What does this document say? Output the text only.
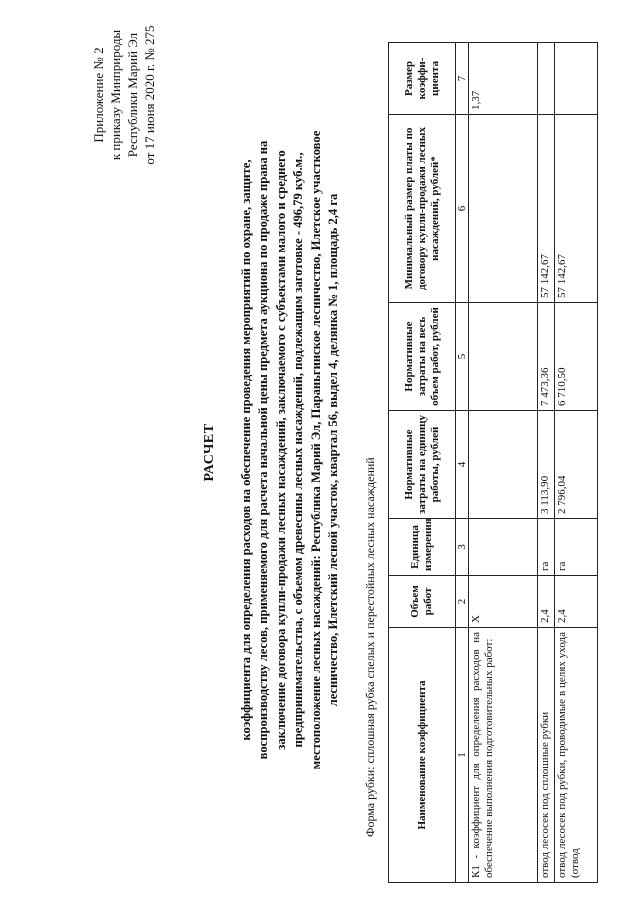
Приложение № 2 к приказу Минприроды Республики Марий Эл от 17 июня 2020 г. № 275
РАСЧЕТ коэффициента для определения расходов на обеспечение проведения мероприятий по охране, защите, воспроизводству лесов, применяемого для расчета начальной цены предмета аукциона по продаже права на заключение договора купли-продажи лесных насаждений, заключаемого с субъектами малого и среднего предпринимательства, с объемом древесины лесных насаждений, подлежащим заготовке - 496,79 куб.м., местоположение лесных насаждений: Республика Марий Эл, Параньгинское лесничество, Илетское участковое лесничество, Илетский лесной участок, квартал 56, выдел 4, делянка № 1, площадь 2,4 га Форма рубки: сплошная рубка спелых и перестойных лесных насаждений	Наименование коэффициента	Объем работ	Единица измерения	Нормативные затраты на единицу работы, рублей	Нормативные затраты на весь объем работ, рублей	Минимальный размер платы по договору купли-продажи лесных насаждений, рублей*	Размер коэффи-циента
1	2	3	4	5	6	7
К1 - коэффициент для определения расходов на обеспечение выполнения подготовительных работ:	X					1,37
отвод лесосек под сплошные рубки	2,4	га	3 113,90	7 473,36	57 142,67	
отвод лесосек под рубки, проводимые в целях ухода (отвод	2,4	га	2 796,04	6 710,50	57 142,67	
